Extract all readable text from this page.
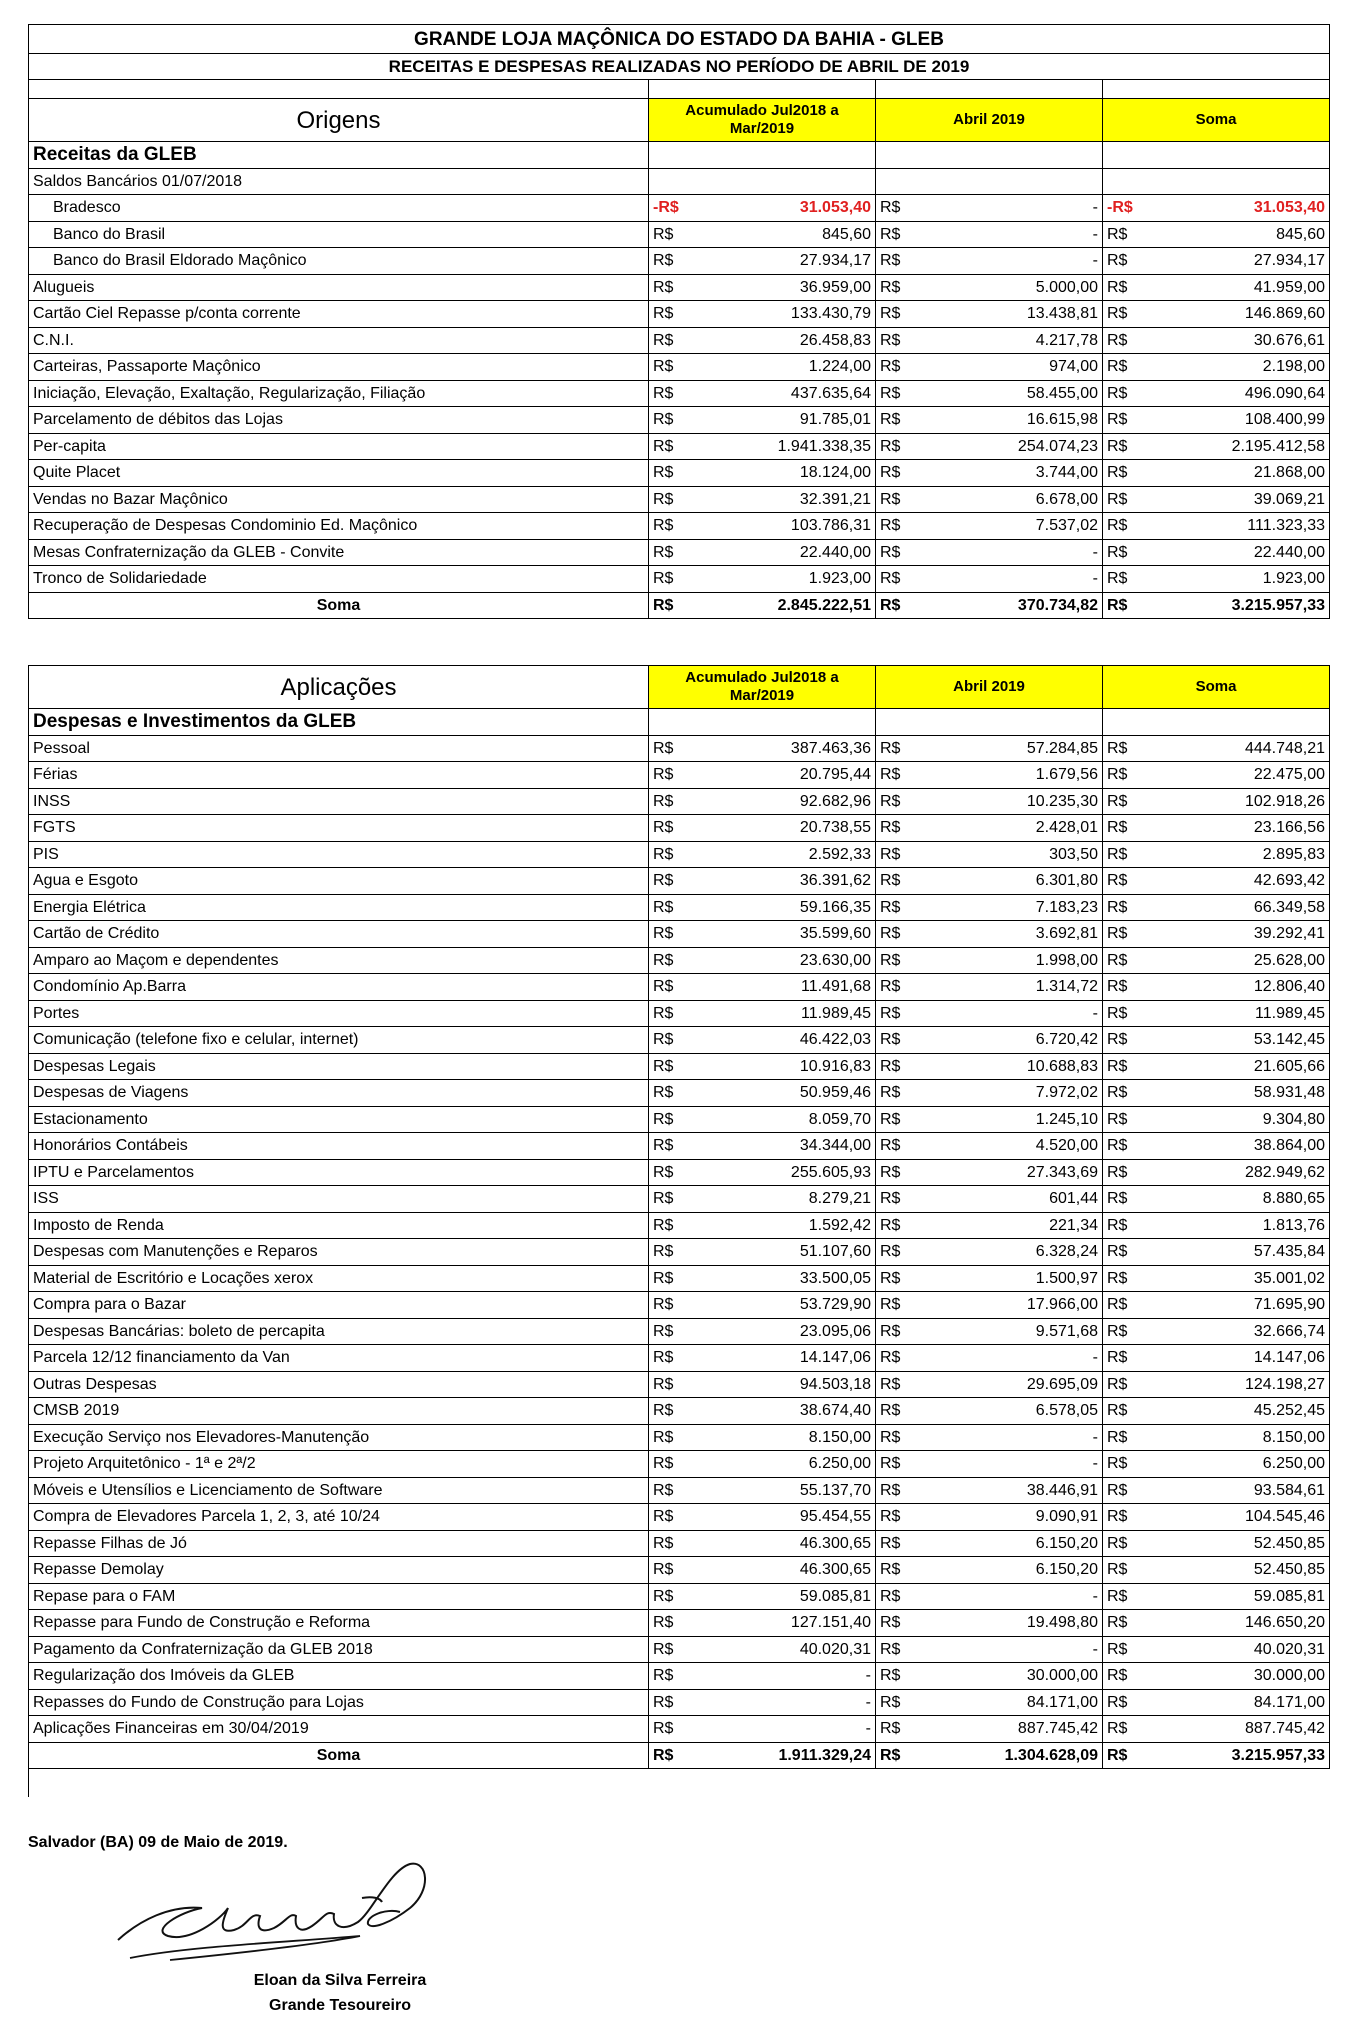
GRANDE LOJA MAÇÔNICA DO ESTADO DA BAHIA - GLEB						
RECEITAS E DESPESAS REALIZADAS NO PERÍODO DE ABRIL DE 2019						

Origens	Acumulado Jul2018 a Mar/2019		Abril 2019		Soma	
Receitas da GLEB						
Saldos Bancários 01/07/2018						
Bradesco	-R$	31.053,40	R$	-	-R$	31.053,40
Banco do Brasil	R$	845,60	R$	-	R$	845,60
Banco do Brasil Eldorado Maçônico	R$	27.934,17	R$	-	R$	27.934,17
Alugueis	R$	36.959,00	R$	5.000,00	R$	41.959,00
Cartão Ciel Repasse p/conta corrente	R$	133.430,79	R$	13.438,81	R$	146.869,60
C.N.I.	R$	26.458,83	R$	4.217,78	R$	30.676,61
Carteiras, Passaporte Maçônico	R$	1.224,00	R$	974,00	R$	2.198,00
Iniciação, Elevação, Exaltação, Regularização, Filiação	R$	437.635,64	R$	58.455,00	R$	496.090,64
Parcelamento de débitos das Lojas	R$	91.785,01	R$	16.615,98	R$	108.400,99
Per-capita	R$	1.941.338,35	R$	254.074,23	R$	2.195.412,58
Quite Placet	R$	18.124,00	R$	3.744,00	R$	21.868,00
Vendas no Bazar Maçônico	R$	32.391,21	R$	6.678,00	R$	39.069,21
Recuperação de Despesas Condominio Ed. Maçônico	R$	103.786,31	R$	7.537,02	R$	111.323,33
Mesas Confraternização da GLEB - Convite	R$	22.440,00	R$	-	R$	22.440,00
Tronco de Solidariedade	R$	1.923,00	R$	-	R$	1.923,00
Soma	R$	2.845.222,51	R$	370.734,82	R$	3.215.957,33
Aplicações	Acumulado Jul2018 a Mar/2019		Abril 2019		Soma	
Despesas e Investimentos da GLEB						
Pessoal	R$	387.463,36	R$	57.284,85	R$	444.748,21
Férias	R$	20.795,44	R$	1.679,56	R$	22.475,00
INSS	R$	92.682,96	R$	10.235,30	R$	102.918,26
FGTS	R$	20.738,55	R$	2.428,01	R$	23.166,56
PIS	R$	2.592,33	R$	303,50	R$	2.895,83
Agua e Esgoto	R$	36.391,62	R$	6.301,80	R$	42.693,42
Energia Elétrica	R$	59.166,35	R$	7.183,23	R$	66.349,58
Cartão de Crédito	R$	35.599,60	R$	3.692,81	R$	39.292,41
Amparo ao Maçom e dependentes	R$	23.630,00	R$	1.998,00	R$	25.628,00
Condomínio Ap.Barra	R$	11.491,68	R$	1.314,72	R$	12.806,40
Portes	R$	11.989,45	R$	-	R$	11.989,45
Comunicação (telefone fixo e celular, internet)	R$	46.422,03	R$	6.720,42	R$	53.142,45
Despesas Legais	R$	10.916,83	R$	10.688,83	R$	21.605,66
Despesas de Viagens	R$	50.959,46	R$	7.972,02	R$	58.931,48
Estacionamento	R$	8.059,70	R$	1.245,10	R$	9.304,80
Honorários Contábeis	R$	34.344,00	R$	4.520,00	R$	38.864,00
IPTU e Parcelamentos	R$	255.605,93	R$	27.343,69	R$	282.949,62
ISS	R$	8.279,21	R$	601,44	R$	8.880,65
Imposto de Renda	R$	1.592,42	R$	221,34	R$	1.813,76
Despesas com Manutenções e Reparos	R$	51.107,60	R$	6.328,24	R$	57.435,84
Material de Escritório e Locações xerox	R$	33.500,05	R$	1.500,97	R$	35.001,02
Compra para o Bazar	R$	53.729,90	R$	17.966,00	R$	71.695,90
Despesas Bancárias: boleto de percapita	R$	23.095,06	R$	9.571,68	R$	32.666,74
Parcela 12/12 financiamento da Van	R$	14.147,06	R$	-	R$	14.147,06
Outras Despesas	R$	94.503,18	R$	29.695,09	R$	124.198,27
CMSB 2019	R$	38.674,40	R$	6.578,05	R$	45.252,45
Execução Serviço nos Elevadores-Manutenção	R$	8.150,00	R$	-	R$	8.150,00
Projeto Arquitetônico - 1ª e 2ª/2	R$	6.250,00	R$	-	R$	6.250,00
Móveis e Utensílios e Licenciamento de Software	R$	55.137,70	R$	38.446,91	R$	93.584,61
Compra de Elevadores Parcela 1, 2, 3, até 10/24	R$	95.454,55	R$	9.090,91	R$	104.545,46
Repasse Filhas de Jó	R$	46.300,65	R$	6.150,20	R$	52.450,85
Repasse Demolay	R$	46.300,65	R$	6.150,20	R$	52.450,85
Repase para o FAM	R$	59.085,81	R$	-	R$	59.085,81
Repasse para Fundo de Construção e Reforma	R$	127.151,40	R$	19.498,80	R$	146.650,20
Pagamento da Confraternização da GLEB 2018	R$	40.020,31	R$	-	R$	40.020,31
Regularização dos Imóveis da GLEB	R$	-	R$	30.000,00	R$	30.000,00
Repasses do Fundo de Construção para Lojas	R$	-	R$	84.171,00	R$	84.171,00
Aplicações Financeiras em 30/04/2019	R$	-	R$	887.745,42	R$	887.745,42
Soma	R$	1.911.329,24	R$	1.304.628,09	R$	3.215.957,33
Salvador (BA) 09 de Maio de 2019.
Eloan da Silva Ferreira
Grande Tesoureiro
